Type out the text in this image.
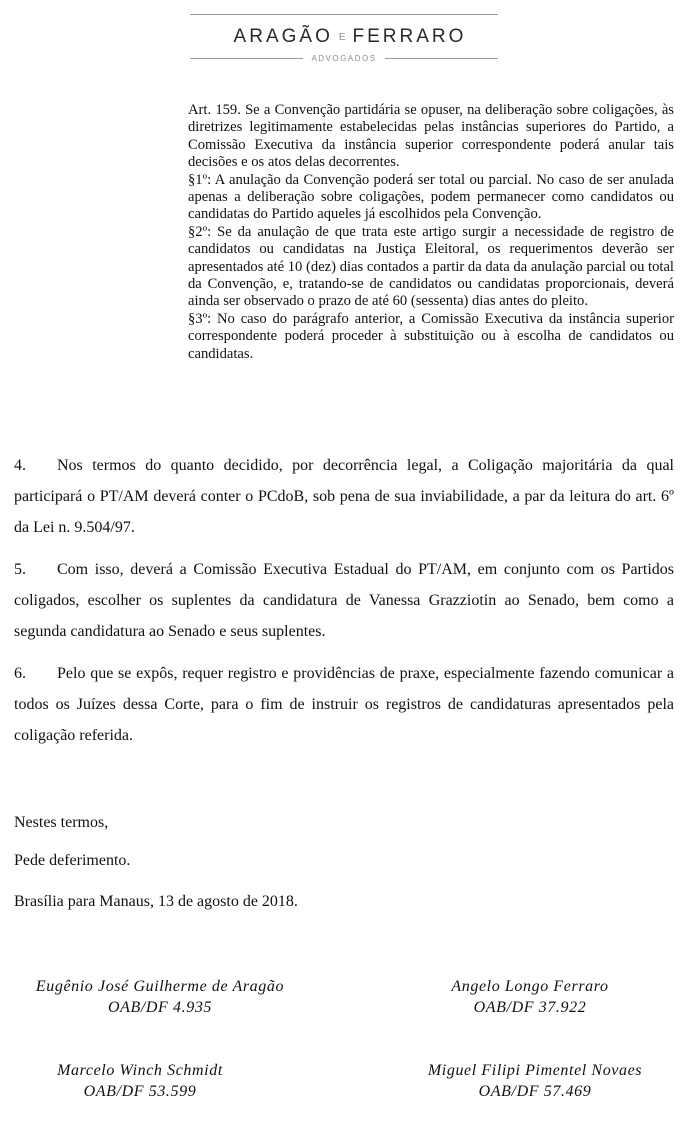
ARAGÃO E FERRARO
ADVOGADOS

Art. 159. Se a Convenção partidária se opuser, na deliberação sobre coligações, às diretrizes legitimamente estabelecidas pelas instâncias superiores do Partido, a Comissão Executiva da instância superior correspondente poderá anular tais decisões e os atos delas decorrentes.

§1º: A anulação da Convenção poderá ser total ou parcial. No caso de ser anulada apenas a deliberação sobre coligações, podem permanecer como candidatos ou candidatas do Partido aqueles já escolhidos pela Convenção.

§2º: Se da anulação de que trata este artigo surgir a necessidade de registro de candidatos ou candidatas na Justiça Eleitoral, os requerimentos deverão ser apresentados até 10 (dez) dias contados a partir da data da anulação parcial ou total da Convenção, e, tratando-se de candidatos ou candidatas proporcionais, deverá ainda ser observado o prazo de até 60 (sessenta) dias antes do pleito.

§3º: No caso do parágrafo anterior, a Comissão Executiva da instância superior correspondente poderá proceder à substituição ou à escolha de candidatos ou candidatas.

4. Nos termos do quanto decidido, por decorrência legal, a Coligação majoritária da qual participará o PT/AM deverá conter o PCdoB, sob pena de sua inviabilidade, a par da leitura do art. 6º da Lei n. 9.504/97.

5. Com isso, deverá a Comissão Executiva Estadual do PT/AM, em conjunto com os Partidos coligados, escolher os suplentes da candidatura de Vanessa Grazziotin ao Senado, bem como a segunda candidatura ao Senado e seus suplentes.

6. Pelo que se expôs, requer registro e providências de praxe, especialmente fazendo comunicar a todos os Juízes dessa Corte, para o fim de instruir os registros de candidaturas apresentados pela coligação referida.

Nestes termos,

Pede deferimento.

Brasília para Manaus, 13 de agosto de 2018.

Eugênio José Guilherme de Aragão
OAB/DF 4.935
Angelo Longo Ferraro
OAB/DF 37.922
Marcelo Winch Schmidt
OAB/DF 53.599
Miguel Filipi Pimentel Novaes
OAB/DF 57.469
